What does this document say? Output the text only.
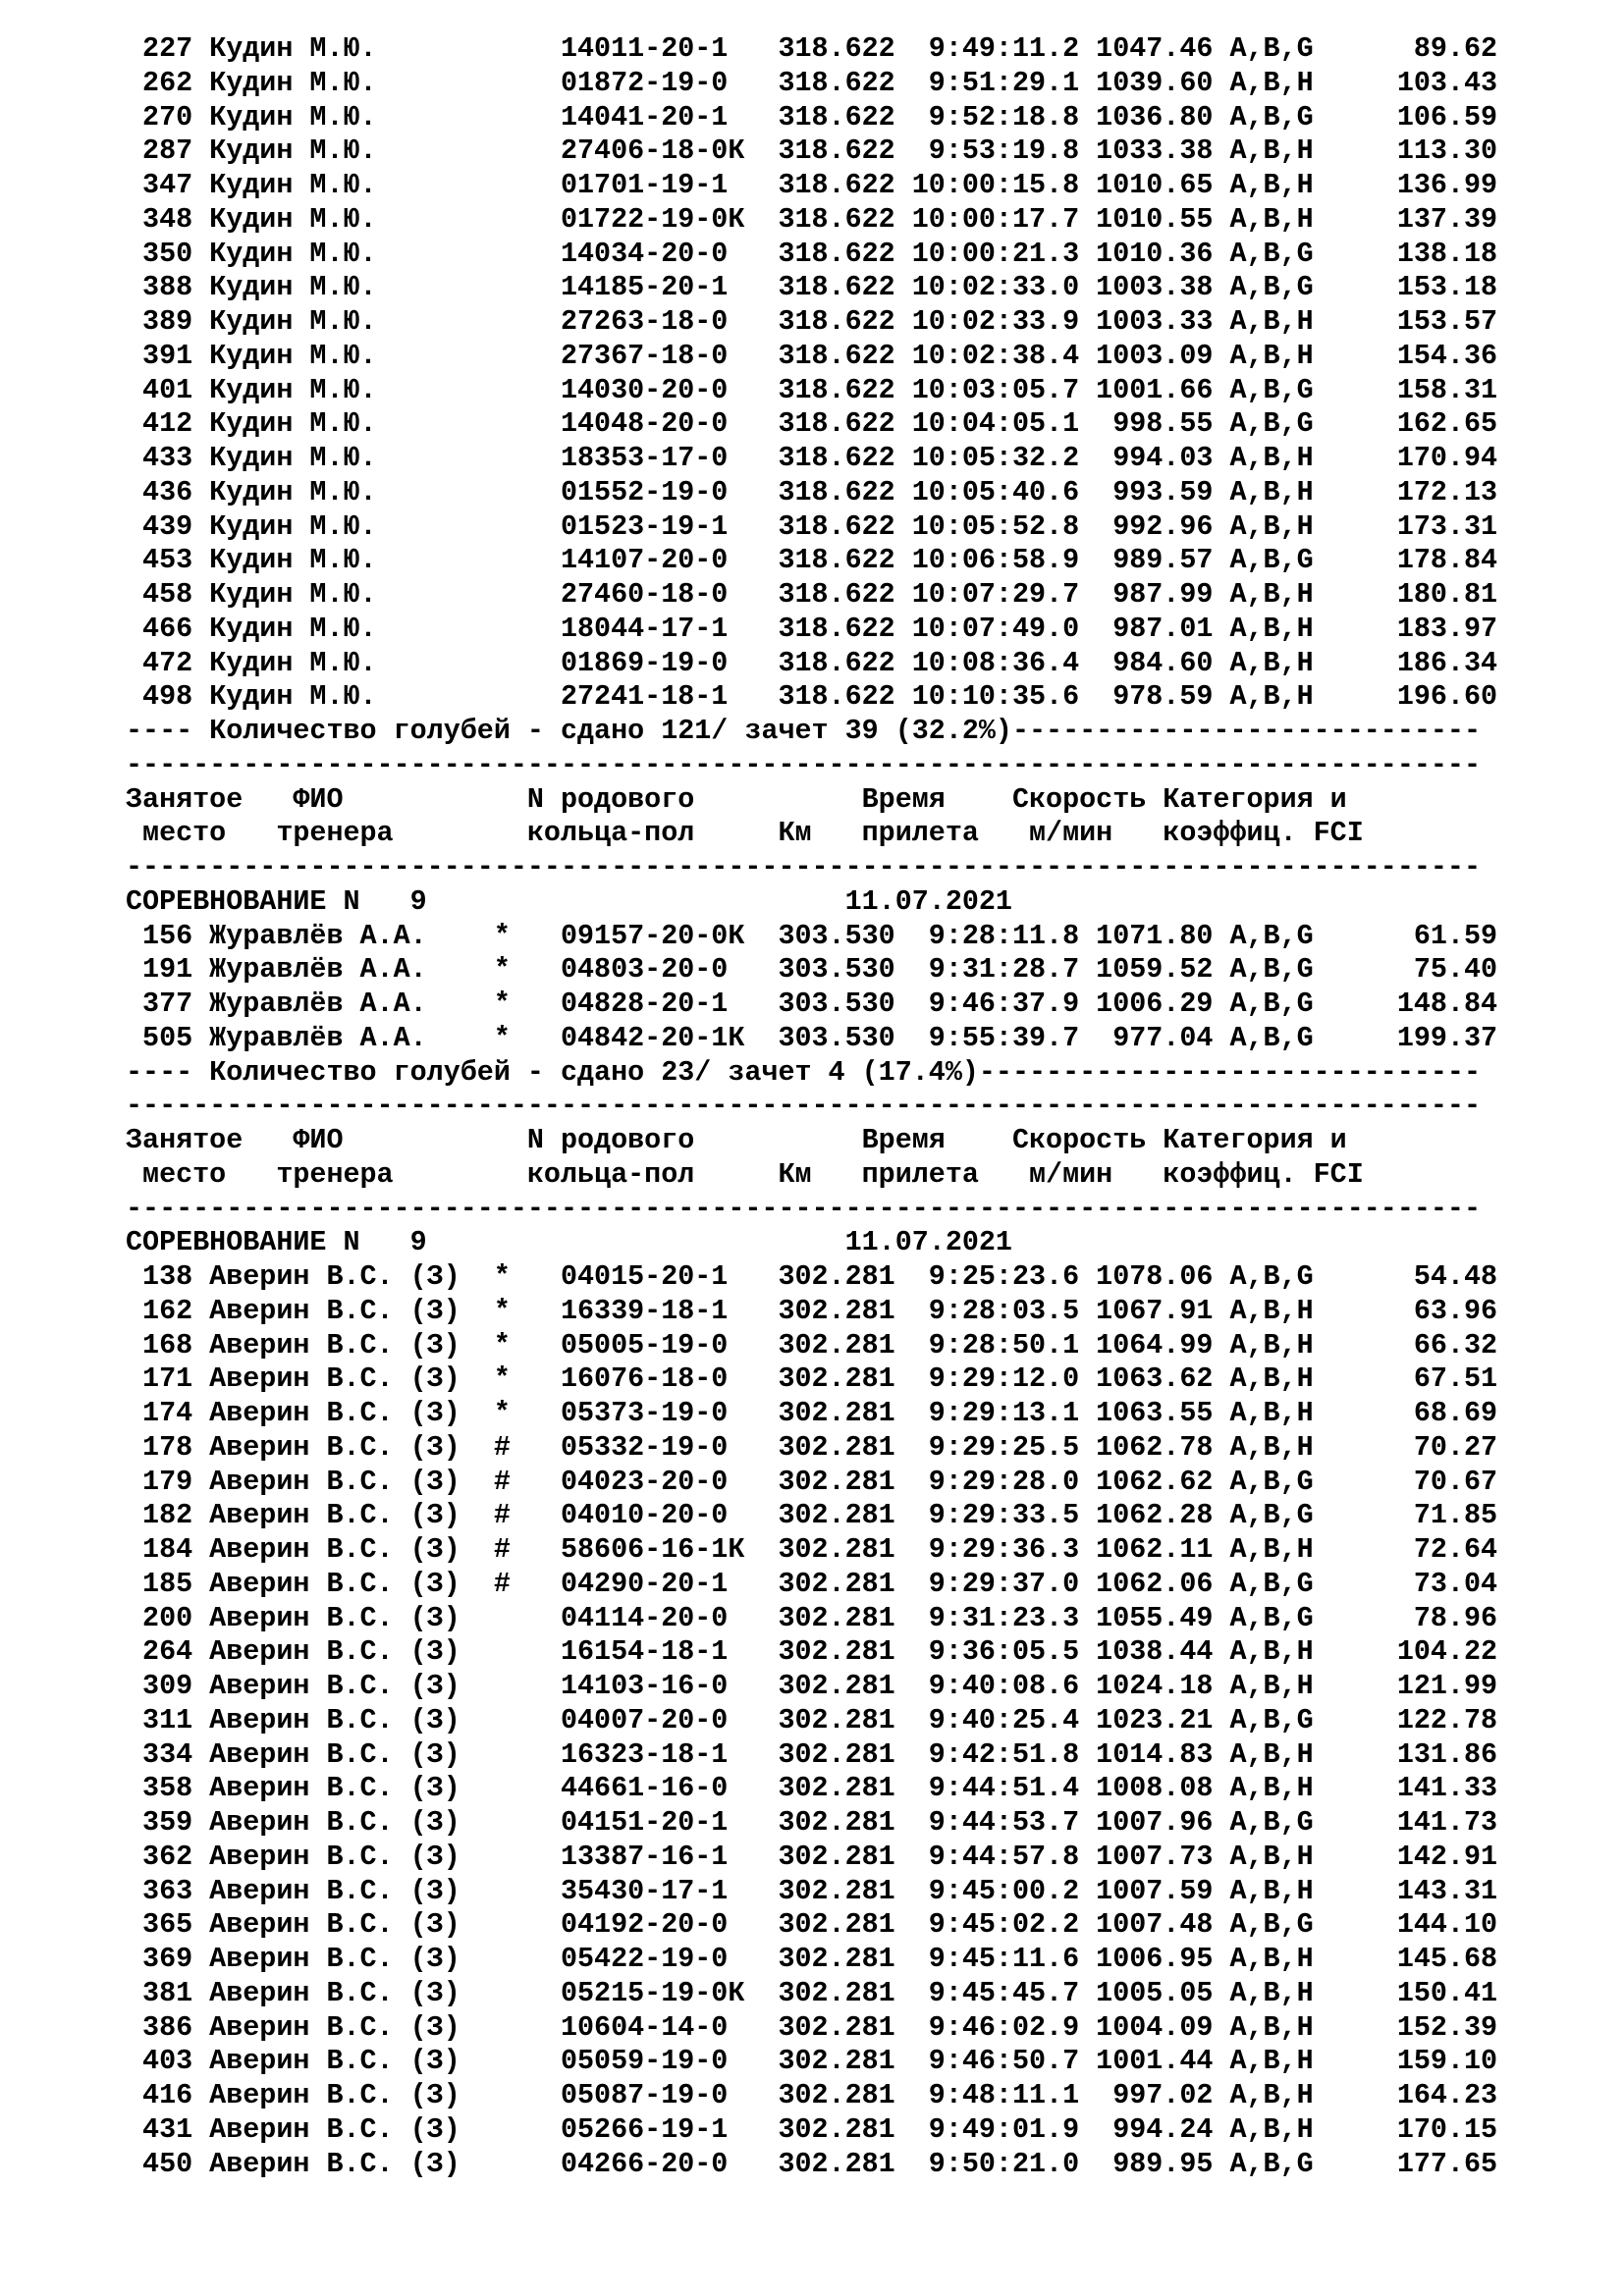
227 Кудин М.Ю.           14011-20-1   318.622  9:49:11.2 1047.46 A,B,G      89.62
262 Кудин М.Ю.           01872-19-0   318.622  9:51:29.1 1039.60 A,B,H     103.43
270 Кудин М.Ю.           14041-20-1   318.622  9:52:18.8 1036.80 A,B,G     106.59
287 Кудин М.Ю.           27406-18-0К  318.622  9:53:19.8 1033.38 A,B,H     113.30
347 Кудин М.Ю.           01701-19-1   318.622 10:00:15.8 1010.65 A,B,H     136.99
348 Кудин М.Ю.           01722-19-0К  318.622 10:00:17.7 1010.55 A,B,H     137.39
350 Кудин М.Ю.           14034-20-0   318.622 10:00:21.3 1010.36 A,B,G     138.18
388 Кудин М.Ю.           14185-20-1   318.622 10:02:33.0 1003.38 A,B,G     153.18
389 Кудин М.Ю.           27263-18-0   318.622 10:02:33.9 1003.33 A,B,H     153.57
391 Кудин М.Ю.           27367-18-0   318.622 10:02:38.4 1003.09 A,B,H     154.36
401 Кудин М.Ю.           14030-20-0   318.622 10:03:05.7 1001.66 A,B,G     158.31
412 Кудин М.Ю.           14048-20-0   318.622 10:04:05.1  998.55 A,B,G     162.65
433 Кудин М.Ю.           18353-17-0   318.622 10:05:32.2  994.03 A,B,H     170.94
436 Кудин М.Ю.           01552-19-0   318.622 10:05:40.6  993.59 A,B,H     172.13
439 Кудин М.Ю.           01523-19-1   318.622 10:05:52.8  992.96 A,B,H     173.31
453 Кудин М.Ю.           14107-20-0   318.622 10:06:58.9  989.57 A,B,G     178.84
458 Кудин М.Ю.           27460-18-0   318.622 10:07:29.7  987.99 A,B,H     180.81
466 Кудин М.Ю.           18044-17-1   318.622 10:07:49.0  987.01 A,B,H     183.97
472 Кудин М.Ю.           01869-19-0   318.622 10:08:36.4  984.60 A,B,H     186.34
498 Кудин М.Ю.           27241-18-1   318.622 10:10:35.6  978.59 A,B,H     196.60
---- Количество голубей - сдано 121/ зачет 39 (32.2%)----------------------------
---------------------------------------------------------------------------------
Занятое   ФИО           N родового          Время    Скорость Категория и
место   тренера        кольца-пол     Км   прилета   м/мин   коэффиц. FCI
---------------------------------------------------------------------------------
СОРЕВНОВАНИЕ N   9                         11.07.2021
156 Журавлёв А.А.    *   09157-20-0К  303.530  9:28:11.8 1071.80 A,B,G      61.59
191 Журавлёв А.А.    *   04803-20-0   303.530  9:31:28.7 1059.52 A,B,G      75.40
377 Журавлёв А.А.    *   04828-20-1   303.530  9:46:37.9 1006.29 A,B,G     148.84
505 Журавлёв А.А.    *   04842-20-1К  303.530  9:55:39.7  977.04 A,B,G     199.37
---- Количество голубей - сдано 23/ зачет 4 (17.4%)------------------------------
---------------------------------------------------------------------------------
Занятое   ФИО           N родового          Время    Скорость Категория и
место   тренера        кольца-пол     Км   прилета   м/мин   коэффиц. FCI
---------------------------------------------------------------------------------
СОРЕВНОВАНИЕ N   9                         11.07.2021
138 Аверин В.С. (З)  *   04015-20-1   302.281  9:25:23.6 1078.06 A,B,G      54.48
162 Аверин В.С. (З)  *   16339-18-1   302.281  9:28:03.5 1067.91 A,B,H      63.96
168 Аверин В.С. (З)  *   05005-19-0   302.281  9:28:50.1 1064.99 A,B,H      66.32
171 Аверин В.С. (З)  *   16076-18-0   302.281  9:29:12.0 1063.62 A,B,H      67.51
174 Аверин В.С. (З)  *   05373-19-0   302.281  9:29:13.1 1063.55 A,B,H      68.69
178 Аверин В.С. (З)  #   05332-19-0   302.281  9:29:25.5 1062.78 A,B,H      70.27
179 Аверин В.С. (З)  #   04023-20-0   302.281  9:29:28.0 1062.62 A,B,G      70.67
182 Аверин В.С. (З)  #   04010-20-0   302.281  9:29:33.5 1062.28 A,B,G      71.85
184 Аверин В.С. (З)  #   58606-16-1К  302.281  9:29:36.3 1062.11 A,B,H      72.64
185 Аверин В.С. (З)  #   04290-20-1   302.281  9:29:37.0 1062.06 A,B,G      73.04
200 Аверин В.С. (З)      04114-20-0   302.281  9:31:23.3 1055.49 A,B,G      78.96
264 Аверин В.С. (З)      16154-18-1   302.281  9:36:05.5 1038.44 A,B,H     104.22
309 Аверин В.С. (З)      14103-16-0   302.281  9:40:08.6 1024.18 A,B,H     121.99
311 Аверин В.С. (З)      04007-20-0   302.281  9:40:25.4 1023.21 A,B,G     122.78
334 Аверин В.С. (З)      16323-18-1   302.281  9:42:51.8 1014.83 A,B,H     131.86
358 Аверин В.С. (З)      44661-16-0   302.281  9:44:51.4 1008.08 A,B,H     141.33
359 Аверин В.С. (З)      04151-20-1   302.281  9:44:53.7 1007.96 A,B,G     141.73
362 Аверин В.С. (З)      13387-16-1   302.281  9:44:57.8 1007.73 A,B,H     142.91
363 Аверин В.С. (З)      35430-17-1   302.281  9:45:00.2 1007.59 A,B,H     143.31
365 Аверин В.С. (З)      04192-20-0   302.281  9:45:02.2 1007.48 A,B,G     144.10
369 Аверин В.С. (З)      05422-19-0   302.281  9:45:11.6 1006.95 A,B,H     145.68
381 Аверин В.С. (З)      05215-19-0К  302.281  9:45:45.7 1005.05 A,B,H     150.41
386 Аверин В.С. (З)      10604-14-0   302.281  9:46:02.9 1004.09 A,B,H     152.39
403 Аверин В.С. (З)      05059-19-0   302.281  9:46:50.7 1001.44 A,B,H     159.10
416 Аверин В.С. (З)      05087-19-0   302.281  9:48:11.1  997.02 A,B,H     164.23
431 Аверин В.С. (З)      05266-19-1   302.281  9:49:01.9  994.24 A,B,H     170.15
450 Аверин В.С. (З)      04266-20-0   302.281  9:50:21.0  989.95 A,B,G     177.65
